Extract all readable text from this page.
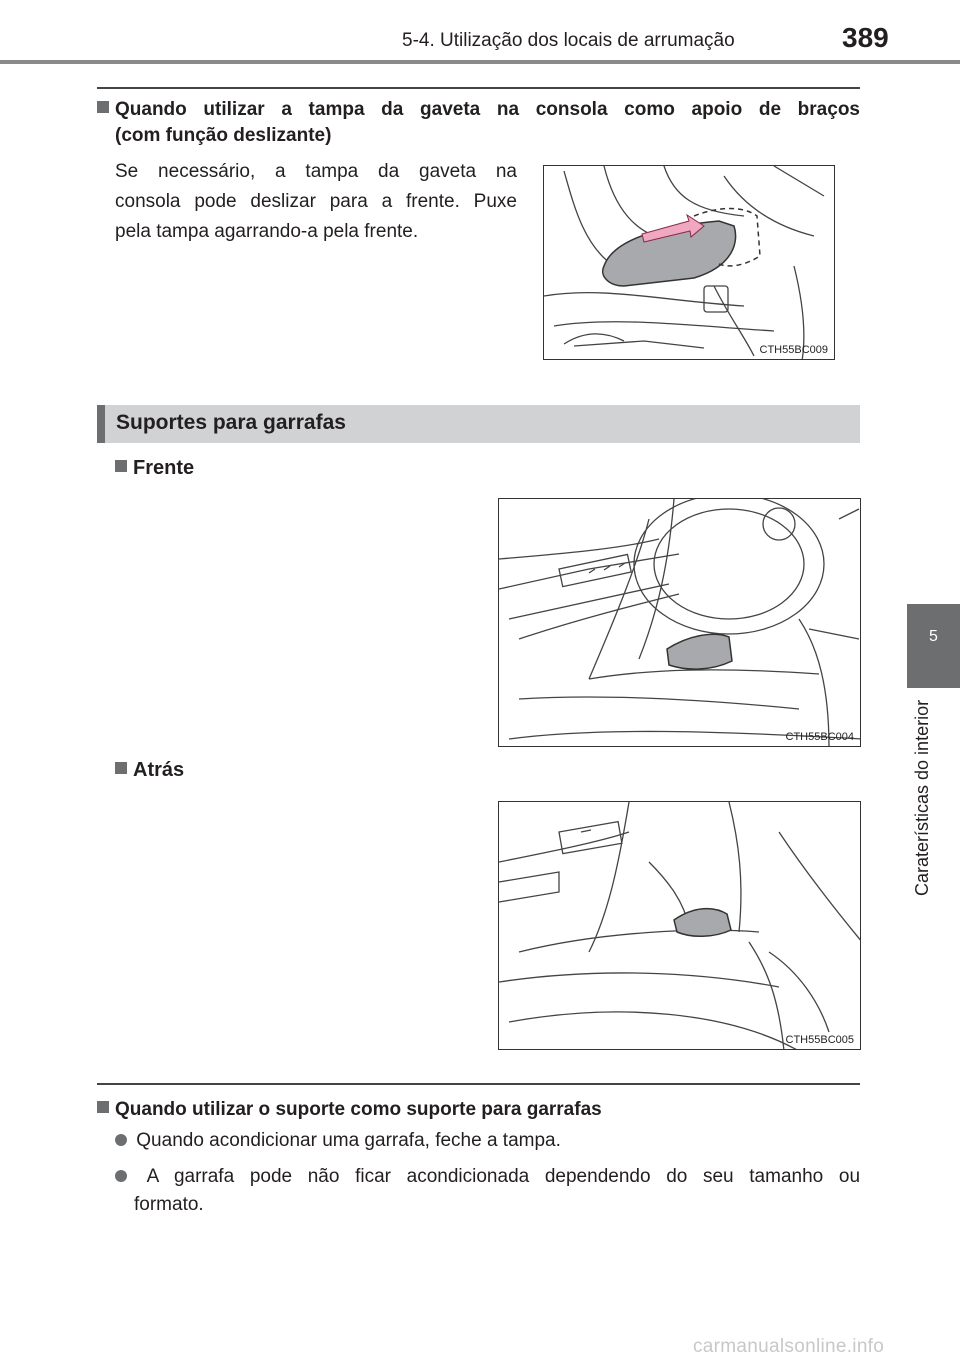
5-4. Utilização dos locais de arrumação	389
5
Caraterísticas do interior
Quando utilizar a tampa da gaveta na consola como apoio de braços
(com função deslizante)
Se necessário, a tampa da gaveta na
consola pode deslizar para a frente. Puxe
pela tampa agarrando-a pela frente.
CTH55BC009
Suportes para garrafas
Frente
CTH55BC004
Atrás
CTH55BC005
Quando utilizar o suporte como suporte para garrafas
Quando acondicionar uma garrafa, feche a tampa.
A garrafa pode não ficar acondicionada dependendo do seu tamanho ou
formato.
carmanualsonline.info
